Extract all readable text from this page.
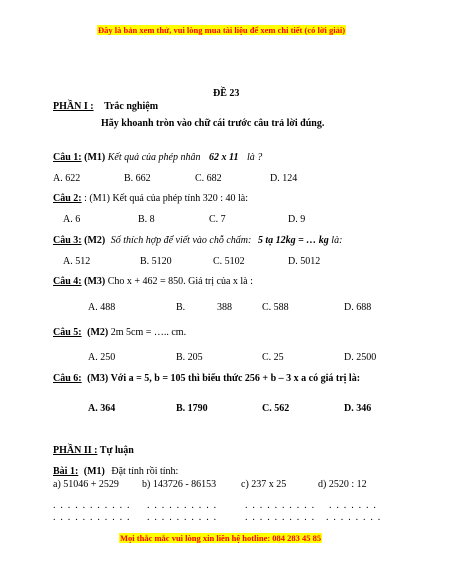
Đây là bản xem thử, vui lòng mua tài liệu để xem chi tiết (có lời giải)
ĐỀ 23
PHẦN I : Trắc nghiệm
Hãy khoanh tròn vào chữ cái trước câu trả lời đúng.
Câu 1: (M1) Kết quả của phép nhân 62 x 11 là ?
A. 622	B. 662	C. 682	D. 124
Câu 2: : (M1) Kết quả của phép tính 320 : 40 là:
A. 6	B. 8	C. 7	D. 9
Câu 3: (M2) Số thích hợp để viết vào chỗ chấm: 5 tạ 12kg = … kg là:
A. 512	B. 5120	C. 5102	D. 5012
Câu 4: (M3) Cho x + 462 = 850. Giá trị của x là :
A. 488	B.	388	C. 588	D. 688
Câu 5: (M2) 2m 5cm = ….. cm.
A. 250	B. 205	C. 25	D. 2500
Câu 6: (M3) Với a = 5, b = 105 thì biểu thức 256 + b – 3 x a có giá trị là:
A. 364	B. 1790	C. 562	D. 346
PHẦN II : Tự luận
Bài 1: (M1) Đặt tính rồi tính:
a) 51046 + 2529 b) 143726 - 86153 c) 237 x 25	d) 2520 : 12
. . . . . . . . . . . . . . . . . . . . .	. . . . . . . . . . . . . . . . .
. . . . . . . . . . . . . . . . . . . . .	. . . . . . . . . . . . . . . . . .
Mọi thắc mắc vui lòng xin liên hệ hotline: 084 283 45 85
